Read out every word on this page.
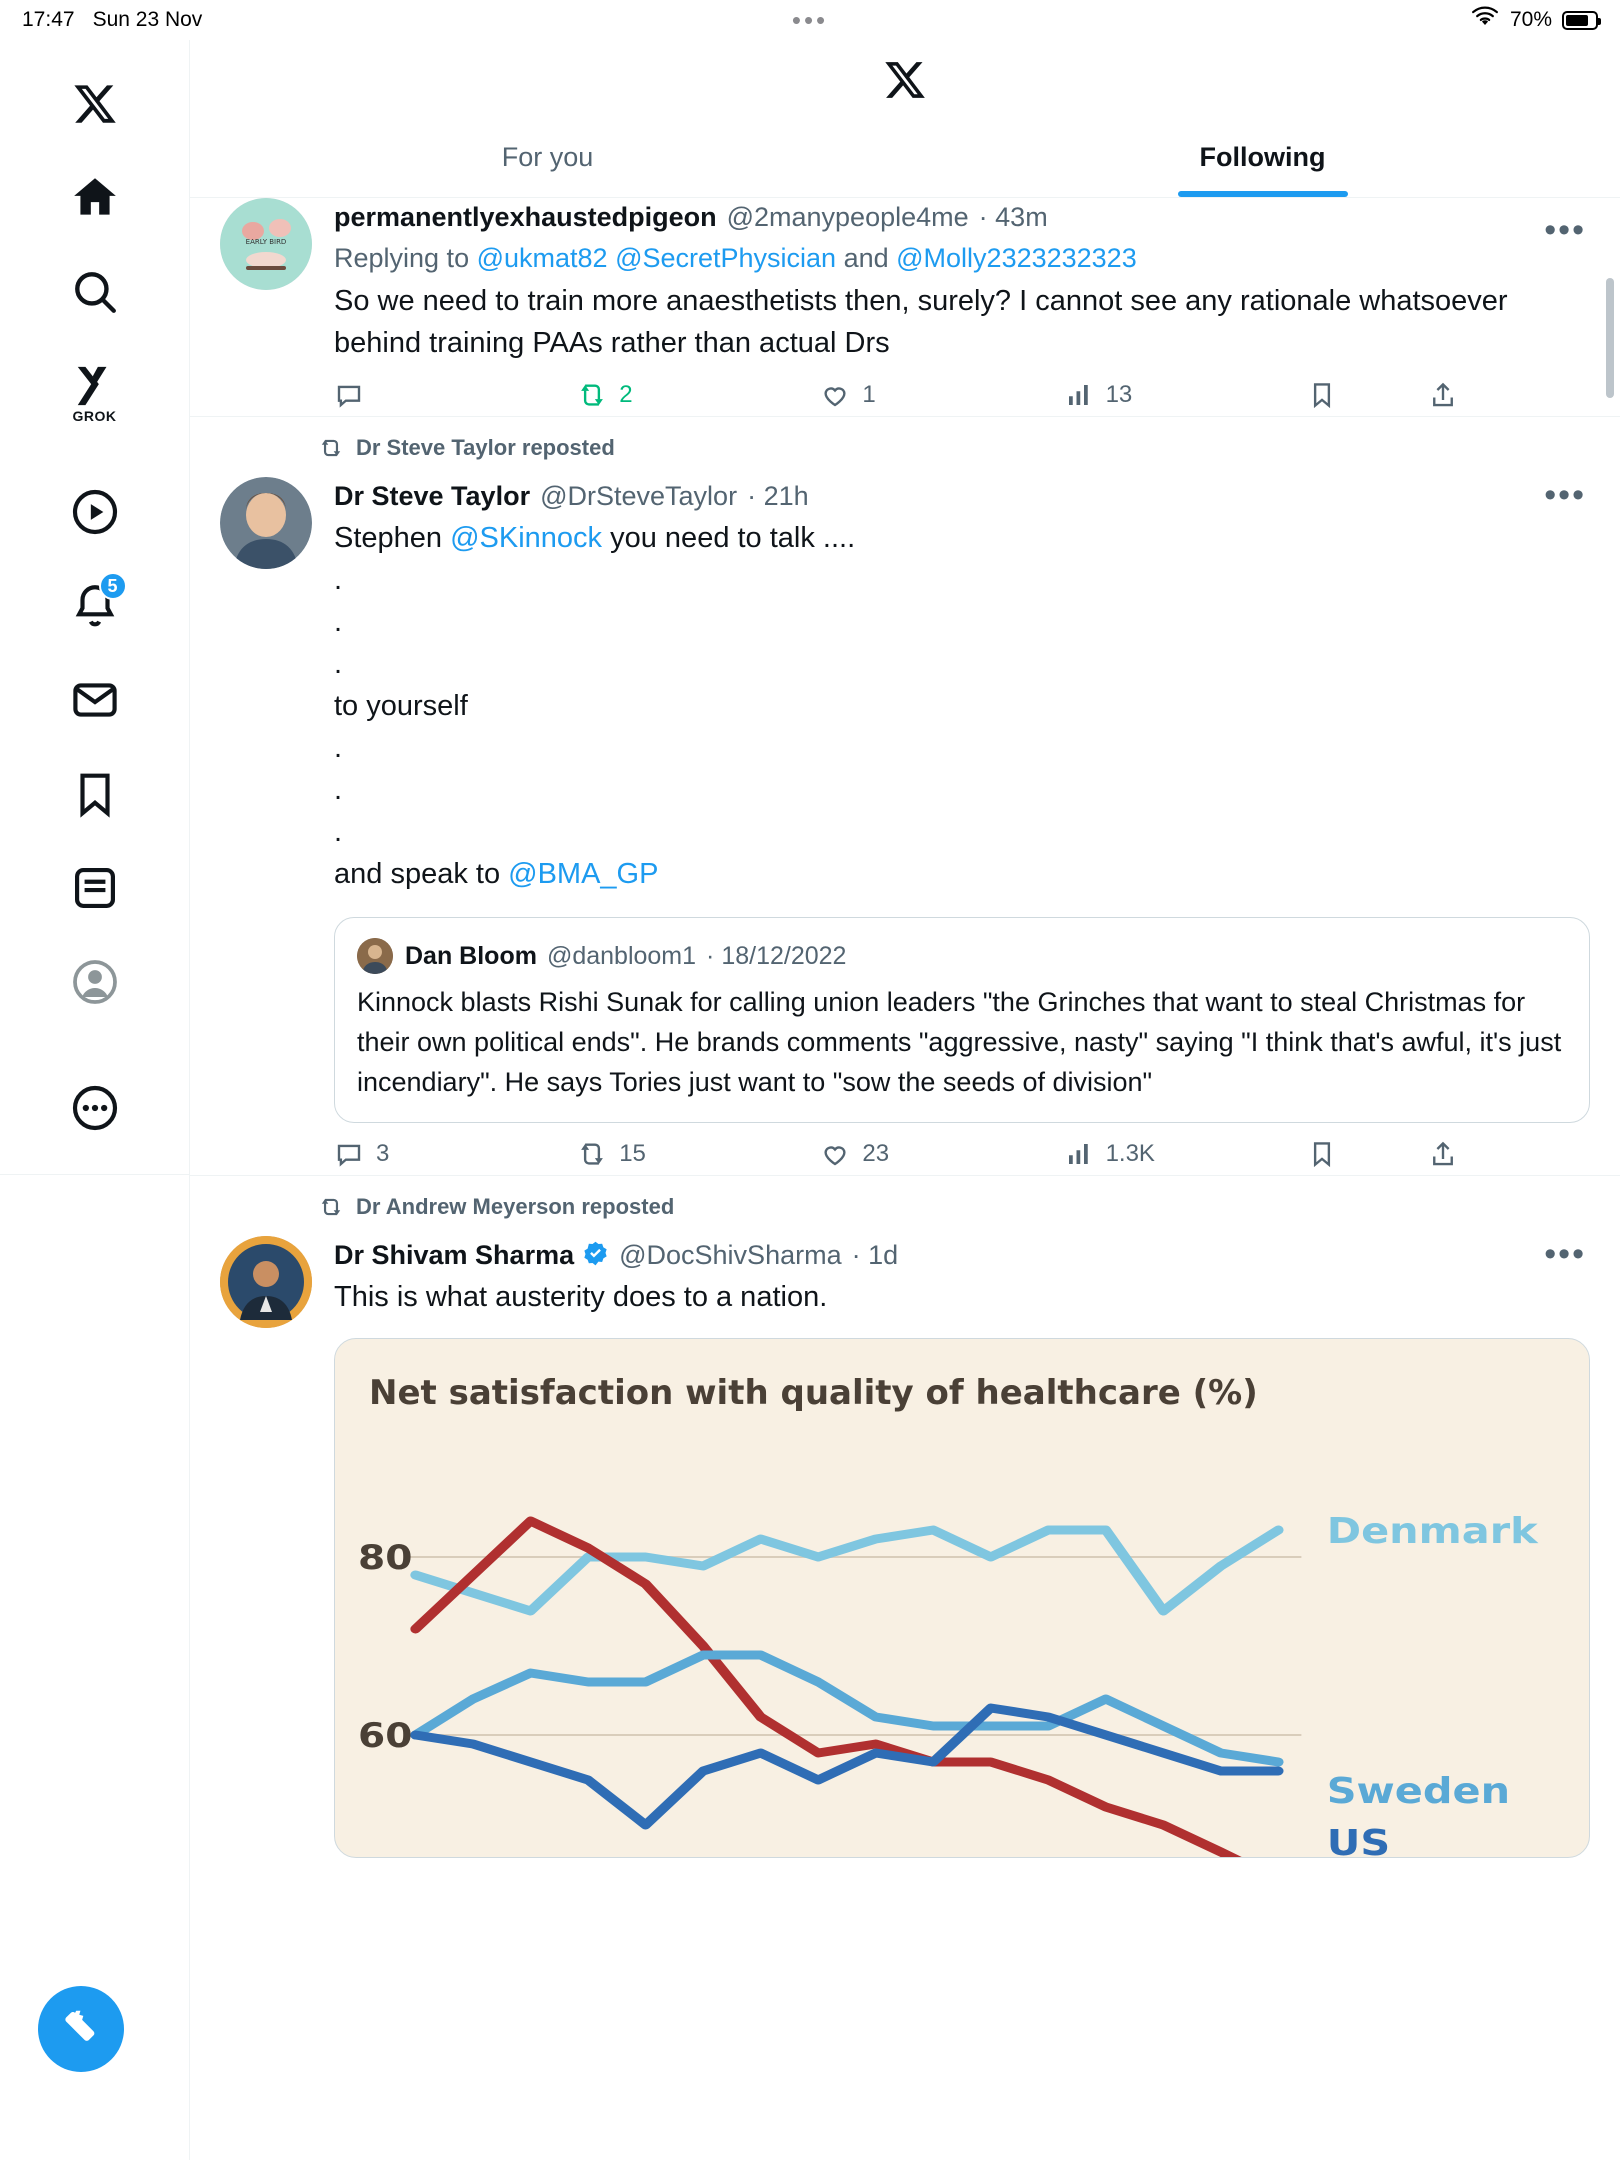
17:47 Sun 23 Nov	•••	70%
GROK
5
For you	Following
EARLY BIRD
permanentlyexhaustedpigeon @2manypeople4me · 43m	•••
Replying to @ukmat82 @SecretPhysician and @Molly2323232323
So we need to train more anaesthetists then, surely? I cannot see any rationale whatsoever behind training PAAs rather than actual Drs
2	1	13
Dr Steve Taylor reposted
Dr Steve Taylor @DrSteveTaylor · 21h	•••

Stephen @SKinnock you need to talk ....

.

.

.

to yourself

.

.

.

and speak to @BMA_GP

Dan Bloom @danbloom1 · 18/12/2022
Kinnock blasts Rishi Sunak for calling union leaders "the Grinches that want to steal Christmas for their own political ends". He brands comments "aggressive, nasty" saying "I think that's awful, it's just incendiary". He says Tories just want to "sow the seeds of division"
3	15	23	1.3K
Dr Andrew Meyerson reposted
Dr Shivam Sharma @DocShivSharma · 1d	•••
This is what austerity does to a nation.
Net satisfaction with quality of healthcare (%)
80
60
Denmark
Sweden
US
